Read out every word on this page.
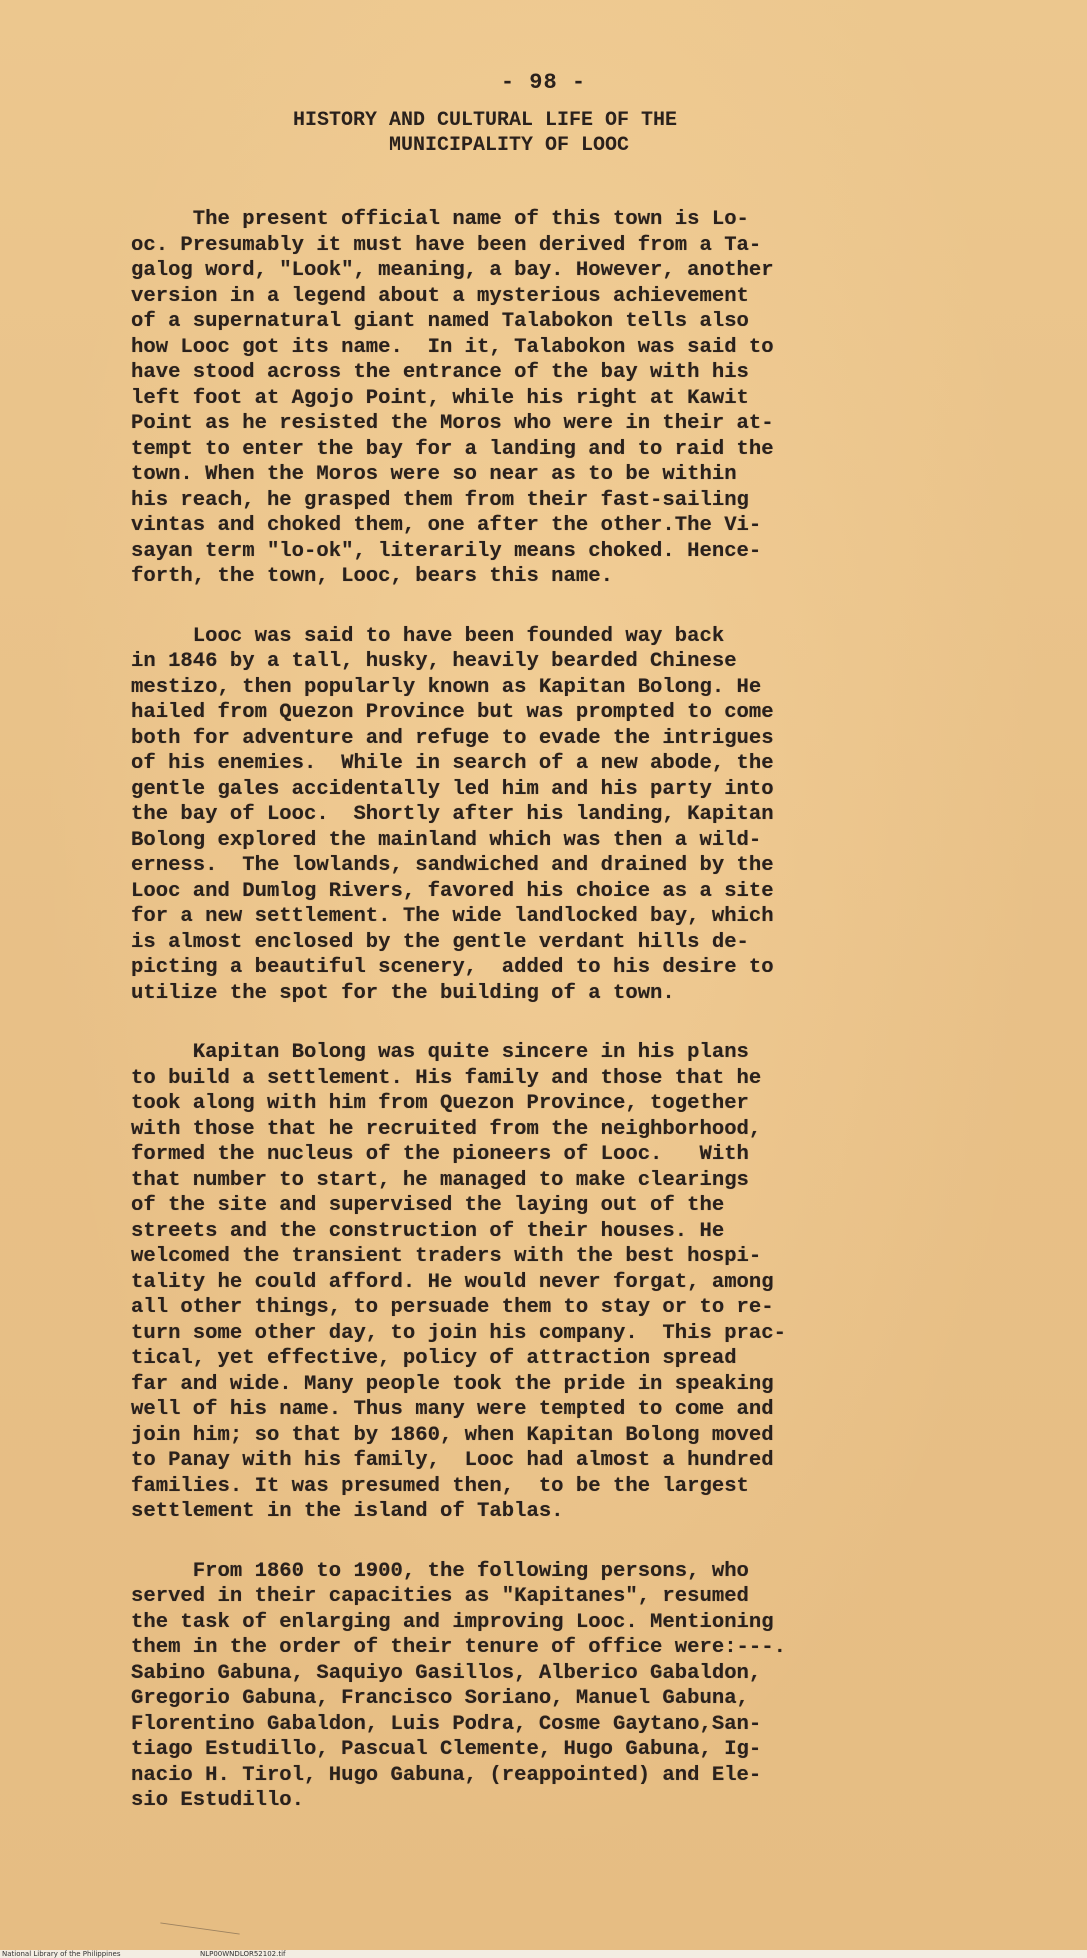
- 98 -
HISTORY AND CULTURAL LIFE OF THE
MUNICIPALITY OF LOOC

The present official name of this town is Lo-
oc. Presumably it must have been derived from a Ta-
galog word, "Look", meaning, a bay. However, another
version in a legend about a mysterious achievement
of a supernatural giant named Talabokon tells also
how Looc got its name.  In it, Talabokon was said to
have stood across the entrance of the bay with his
left foot at Agojo Point, while his right at Kawit
Point as he resisted the Moros who were in their at-
tempt to enter the bay for a landing and to raid the
town. When the Moros were so near as to be within
his reach, he grasped them from their fast-sailing
vintas and choked them, one after the other.The Vi-
sayan term "lo-ok", literarily means choked. Hence-
forth, the town, Looc, bears this name.

Looc was said to have been founded way back
in 1846 by a tall, husky, heavily bearded Chinese
mestizo, then popularly known as Kapitan Bolong. He
hailed from Quezon Province but was prompted to come
both for adventure and refuge to evade the intrigues
of his enemies.  While in search of a new abode, the
gentle gales accidentally led him and his party into
the bay of Looc.  Shortly after his landing, Kapitan
Bolong explored the mainland which was then a wild-
erness.  The lowlands, sandwiched and drained by the
Looc and Dumlog Rivers, favored his choice as a site
for a new settlement. The wide landlocked bay, which
is almost enclosed by the gentle verdant hills de-
picting a beautiful scenery,  added to his desire to
utilize the spot for the building of a town.

Kapitan Bolong was quite sincere in his plans
to build a settlement. His family and those that he
took along with him from Quezon Province, together
with those that he recruited from the neighborhood,
formed the nucleus of the pioneers of Looc.   With
that number to start, he managed to make clearings
of the site and supervised the laying out of the
streets and the construction of their houses. He
welcomed the transient traders with the best hospi-
tality he could afford. He would never forgat, among
all other things, to persuade them to stay or to re-
turn some other day, to join his company.  This prac-
tical, yet effective, policy of attraction spread
far and wide. Many people took the pride in speaking
well of his name. Thus many were tempted to come and
join him; so that by 1860, when Kapitan Bolong moved
to Panay with his family,  Looc had almost a hundred
families. It was presumed then,  to be the largest
settlement in the island of Tablas.

From 1860 to 1900, the following persons, who
served in their capacities as "Kapitanes", resumed
the task of enlarging and improving Looc. Mentioning
them in the order of their tenure of office were:---.
Sabino Gabuna, Saquiyo Gasillos, Alberico Gabaldon,
Gregorio Gabuna, Francisco Soriano, Manuel Gabuna,
Florentino Gabaldon, Luis Podra, Cosme Gaytano,San-
tiago Estudillo, Pascual Clemente, Hugo Gabuna, Ig-
nacio H. Tirol, Hugo Gabuna, (reappointed) and Ele-
sio Estudillo.

National Library of the Philippines	NLP00WNDLOR52102.tif
